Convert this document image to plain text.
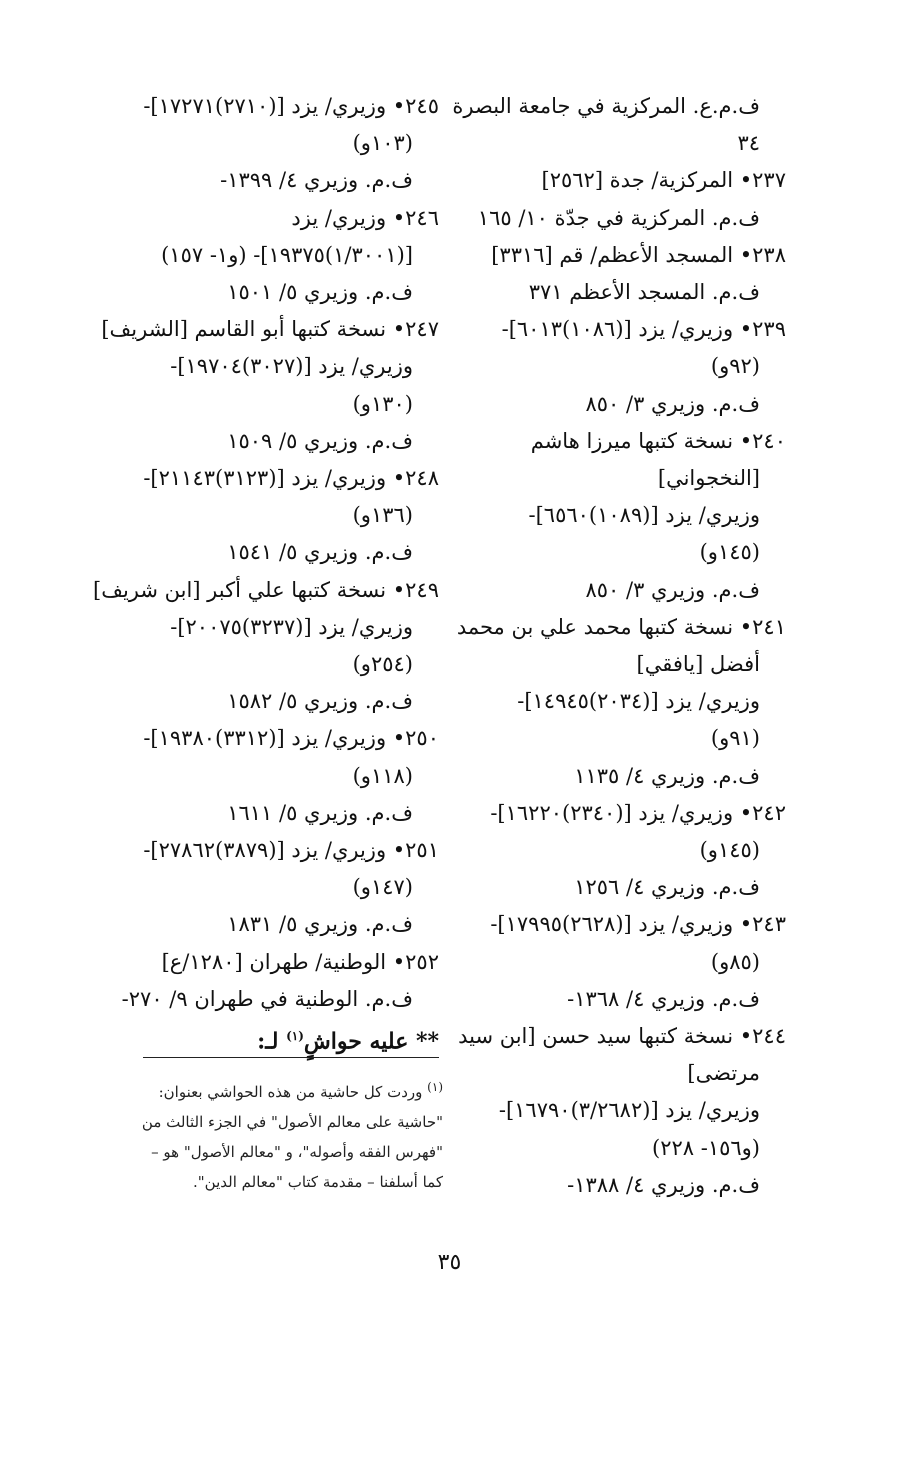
ف.م.ع. المركزية في جامعة البصرة
٣٤
٢٣٧• المركزية/ جدة [٢٥٦٢]
ف.م. المركزية في جدّة ١٠/ ١٦٥
٢٣٨• المسجد الأعظم/ قم [٣٣١٦]
ف.م. المسجد الأعظم ٣٧١
٢٣٩• وزيري/ يزد [(١٠٨٦)٦٠١٣]-
(٩٢و)
ف.م. وزيري ٣/ ٨٥٠
٢٤٠• نسخة كتبها ميرزا هاشم
[النخجواني]
وزيري/ يزد [(١٠٨٩)٦٥٦٠]-
(١٤٥و)
ف.م. وزيري ٣/ ٨٥٠
٢٤١• نسخة كتبها محمد علي بن محمد
أفضل [يافقي]
وزيري/ يزد [(٢٠٣٤)١٤٩٤٥]-
(٩١و)
ف.م. وزيري ٤/ ١١٣٥
٢٤٢• وزيري/ يزد [(٢٣٤٠)١٦٢٢٠]-
(١٤٥و)
ف.م. وزيري ٤/ ١٢٥٦
٢٤٣• وزيري/ يزد [(٢٦٢٨)١٧٩٩٥]-
(٨٥و)
ف.م. وزيري ٤/ ١٣٦٨-
٢٤٤• نسخة كتبها سيد حسن [ابن سيد
مرتضى]
وزيري/ يزد [(٣/٢٦٨٢)١٦٧٩٠]-
(و١٥٦- ٢٢٨)
ف.م. وزيري ٤/ ١٣٨٨-
٢٤٥• وزيري/ يزد [(٢٧١٠)١٧٢٧١]-
(١٠٣و)
ف.م. وزيري ٤/ ١٣٩٩-
٢٤٦• وزيري/ يزد
[(١/٣٠٠١)١٩٣٧٥]- (و١- ١٥٧)
ف.م. وزيري ٥/ ١٥٠١
٢٤٧• نسخة كتبها أبو القاسم [الشريف]
وزيري/ يزد [(٣٠٢٧)١٩٧٠٤]-
(١٣٠و)
ف.م. وزيري ٥/ ١٥٠٩
٢٤٨• وزيري/ يزد [(٣١٢٣)٢١١٤٣]-
(١٣٦و)
ف.م. وزيري ٥/ ١٥٤١
٢٤٩• نسخة كتبها علي أكبر [ابن شريف]
وزيري/ يزد [(٣٢٣٧)٢٠٠٧٥]-
(٢٥٤و)
ف.م. وزيري ٥/ ١٥٨٢
٢٥٠• وزيري/ يزد [(٣٣١٢)١٩٣٨٠]-
(١١٨و)
ف.م. وزيري ٥/ ١٦١١
٢٥١• وزيري/ يزد [(٣٨٧٩)٢٧٨٦٢]-
(١٤٧و)
ف.م. وزيري ٥/ ١٨٣١
٢٥٢• الوطنية/ طهران [١٢٨٠/ع]
ف.م. الوطنية في طهران ٩/ ٢٧٠-
** عليه حواشٍ$^{(١)}$ لـ:
$^{(١)}$ وردت كل حاشية من هذه الحواشي بعنوان:
"حاشية على معالم الأصول" في الجزء الثالث من
"فهرس الفقه وأصوله"، و "معالم الأصول" هو –
كما أسلفنا – مقدمة كتاب "معالم الدين".
٣٥
